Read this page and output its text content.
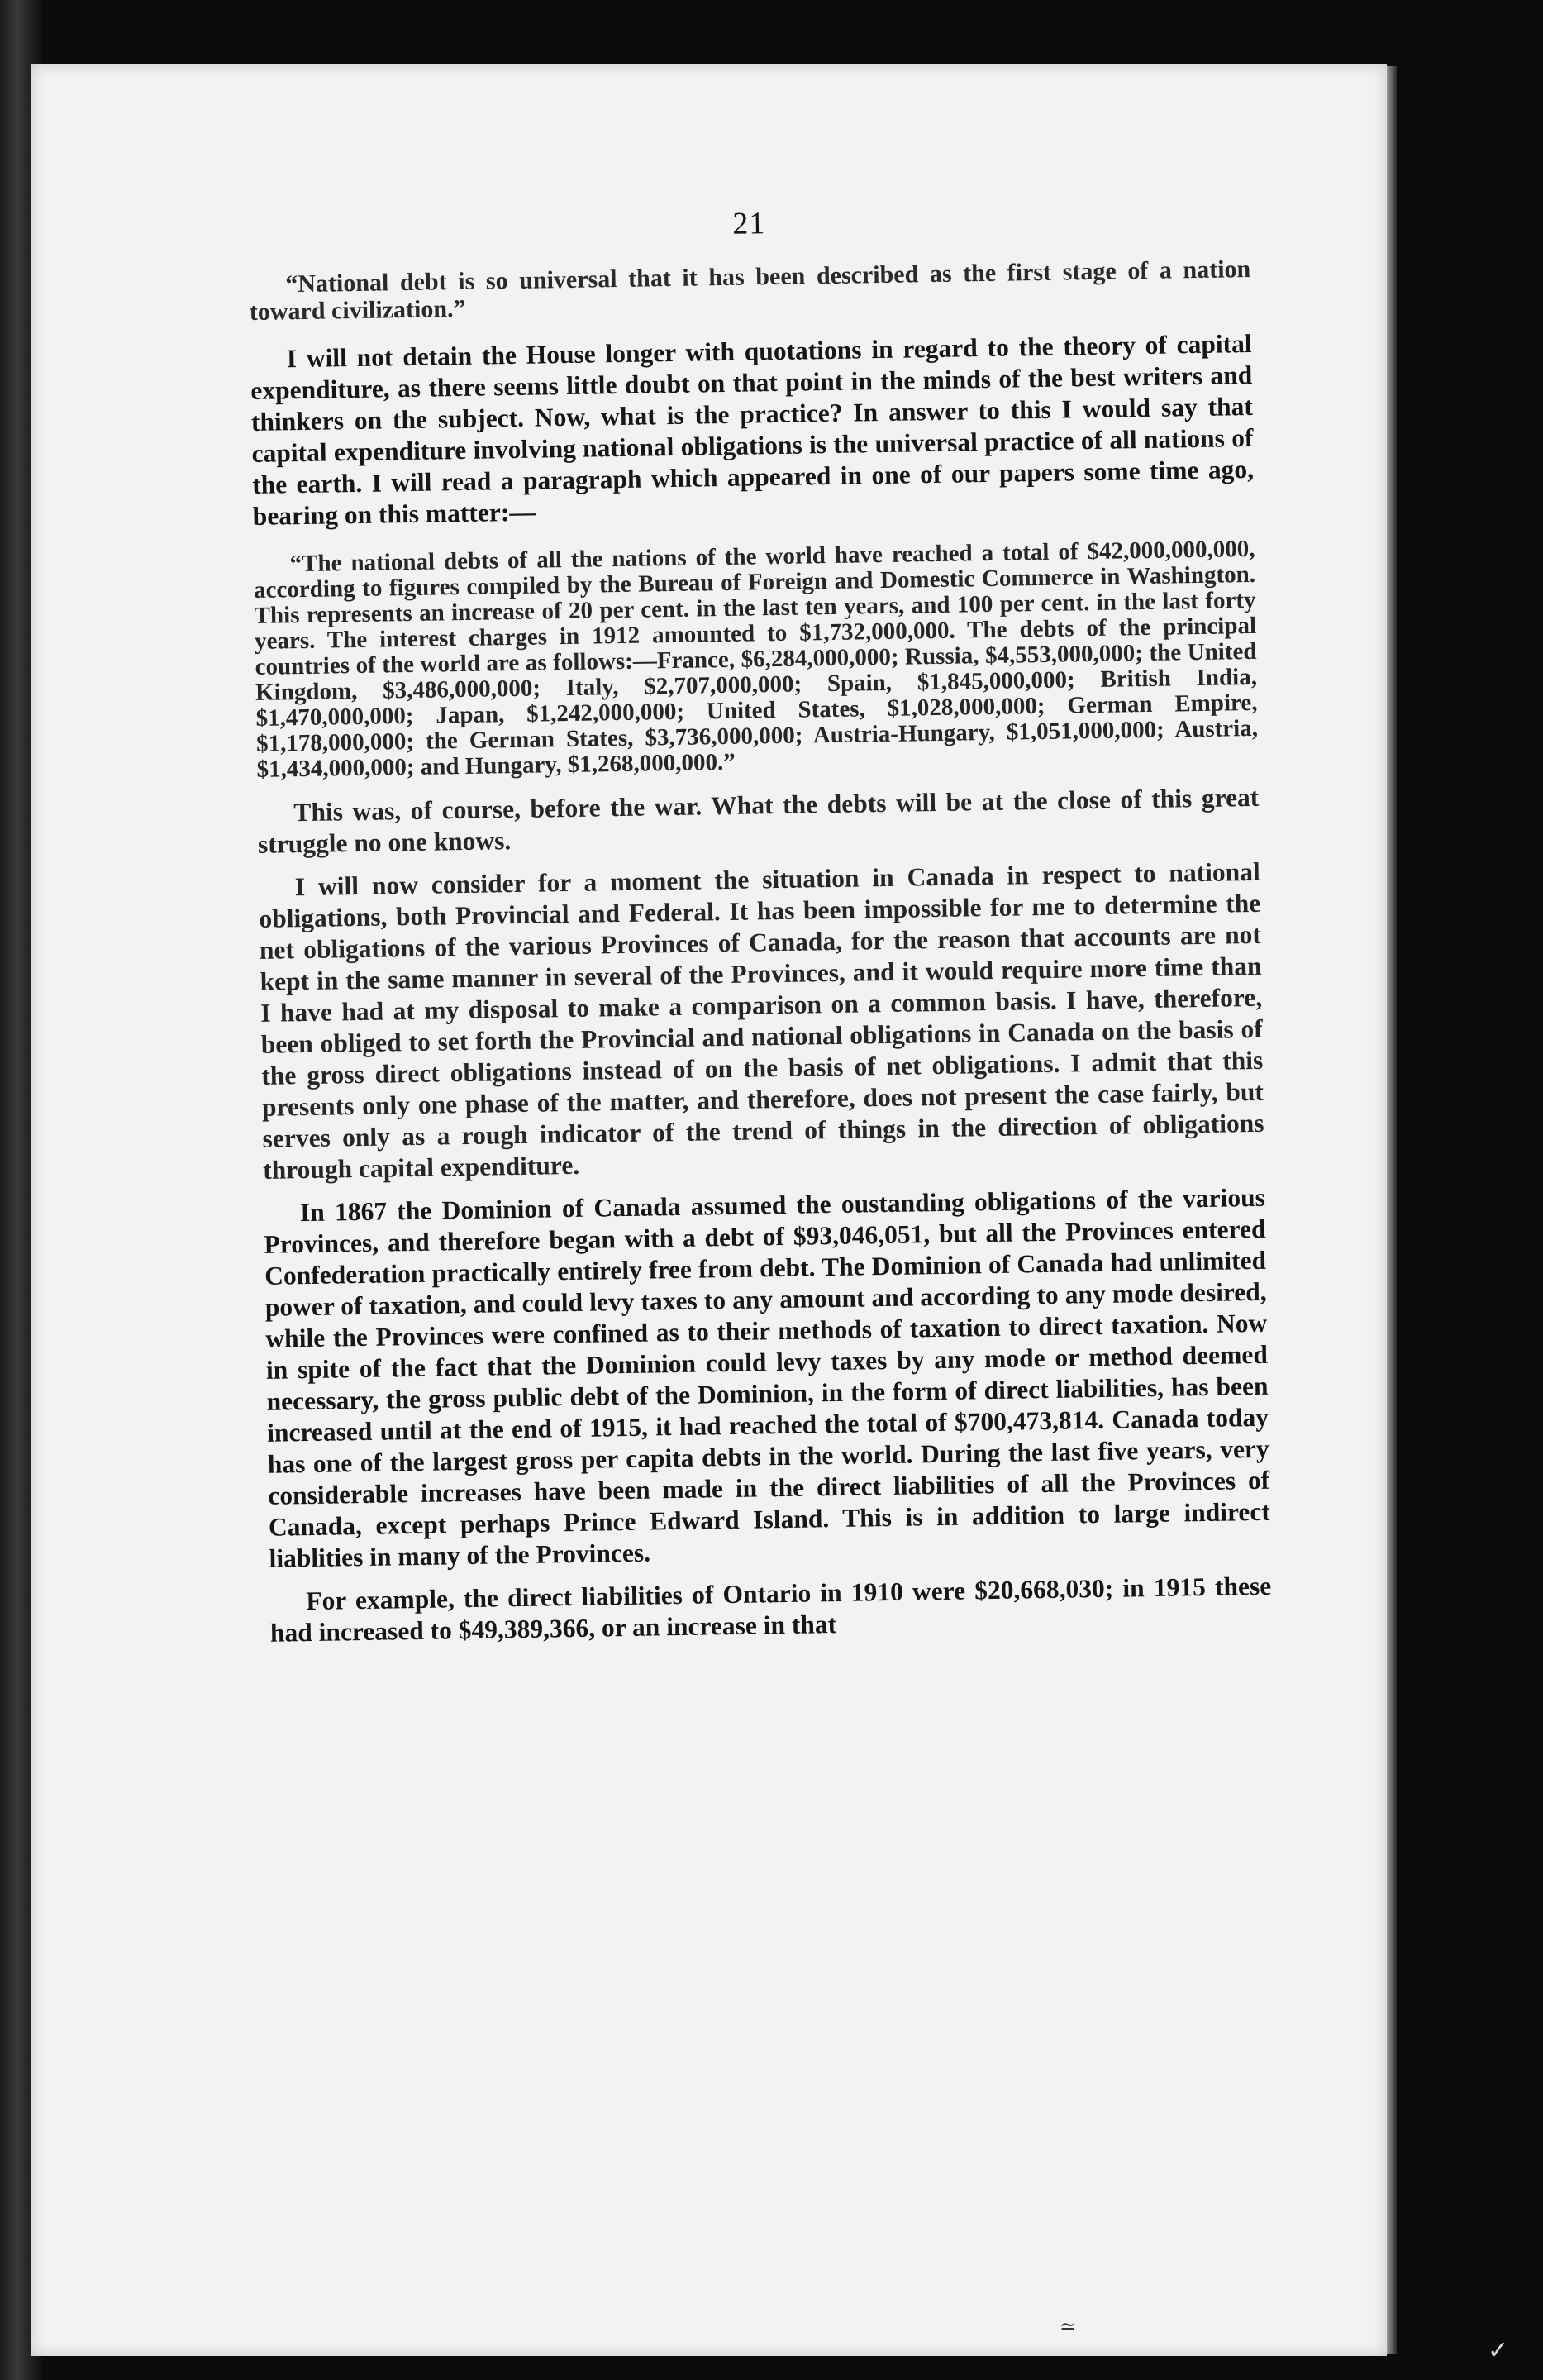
21

“National debt is so universal that it has been described as the first stage of a nation toward civilization.”

I will not detain the House longer with quotations in regard to the theory of capital expenditure, as there seems little doubt on that point in the minds of the best writers and thinkers on the subject. Now, what is the practice? In answer to this I would say that capital expenditure involving national obligations is the universal practice of all nations of the earth. I will read a paragraph which appeared in one of our papers some time ago, bearing on this matter:—

“The national debts of all the nations of the world have reached a total of $42,000,000,000, according to figures compiled by the Bureau of Foreign and Domestic Commerce in Washington. This represents an increase of 20 per cent. in the last ten years, and 100 per cent. in the last forty years. The interest charges in 1912 amounted to $1,732,000,000. The debts of the principal countries of the world are as follows:—France, $6,284,000,000; Russia, $4,553,000,000; the United Kingdom, $3,486,000,000; Italy, $2,707,000,000; Spain, $1,845,000,000; British India, $1,470,000,000; Japan, $1,242,000,000; United States, $1,028,000,000; German Empire, $1,178,000,000; the German States, $3,736,000,000; Austria-Hungary, $1,051,000,000; Austria, $1,434,000,000; and Hungary, $1,268,000,000.”

This was, of course, before the war. What the debts will be at the close of this great struggle no one knows.

I will now consider for a moment the situation in Canada in respect to national obligations, both Provincial and Federal. It has been impossible for me to determine the net obligations of the various Provinces of Canada, for the reason that accounts are not kept in the same manner in several of the Provinces, and it would require more time than I have had at my disposal to make a comparison on a common basis. I have, therefore, been obliged to set forth the Provincial and national obligations in Canada on the basis of the gross direct obligations instead of on the basis of net obligations. I admit that this presents only one phase of the matter, and therefore, does not present the case fairly, but serves only as a rough indicator of the trend of things in the direction of obligations through capital expenditure.

In 1867 the Dominion of Canada assumed the oustanding obligations of the various Provinces, and therefore began with a debt of $93,046,051, but all the Provinces entered Confederation practically entirely free from debt. The Dominion of Canada had unlimited power of taxation, and could levy taxes to any amount and according to any mode desired, while the Provinces were confined as to their methods of taxation to direct taxation. Now in spite of the fact that the Dominion could levy taxes by any mode or method deemed necessary, the gross public debt of the Dominion, in the form of direct liabilities, has been increased until at the end of 1915, it had reached the total of $700,473,814. Canada today has one of the largest gross per capita debts in the world. During the last five years, very considerable increases have been made in the direct liabilities of all the Provinces of Canada, except perhaps Prince Edward Island. This is in addition to large indirect liablities in many of the Provinces.

For example, the direct liabilities of Ontario in 1910 were $20,668,030; in 1915 these had increased to $49,389,366, or an increase in that

≃
✓
